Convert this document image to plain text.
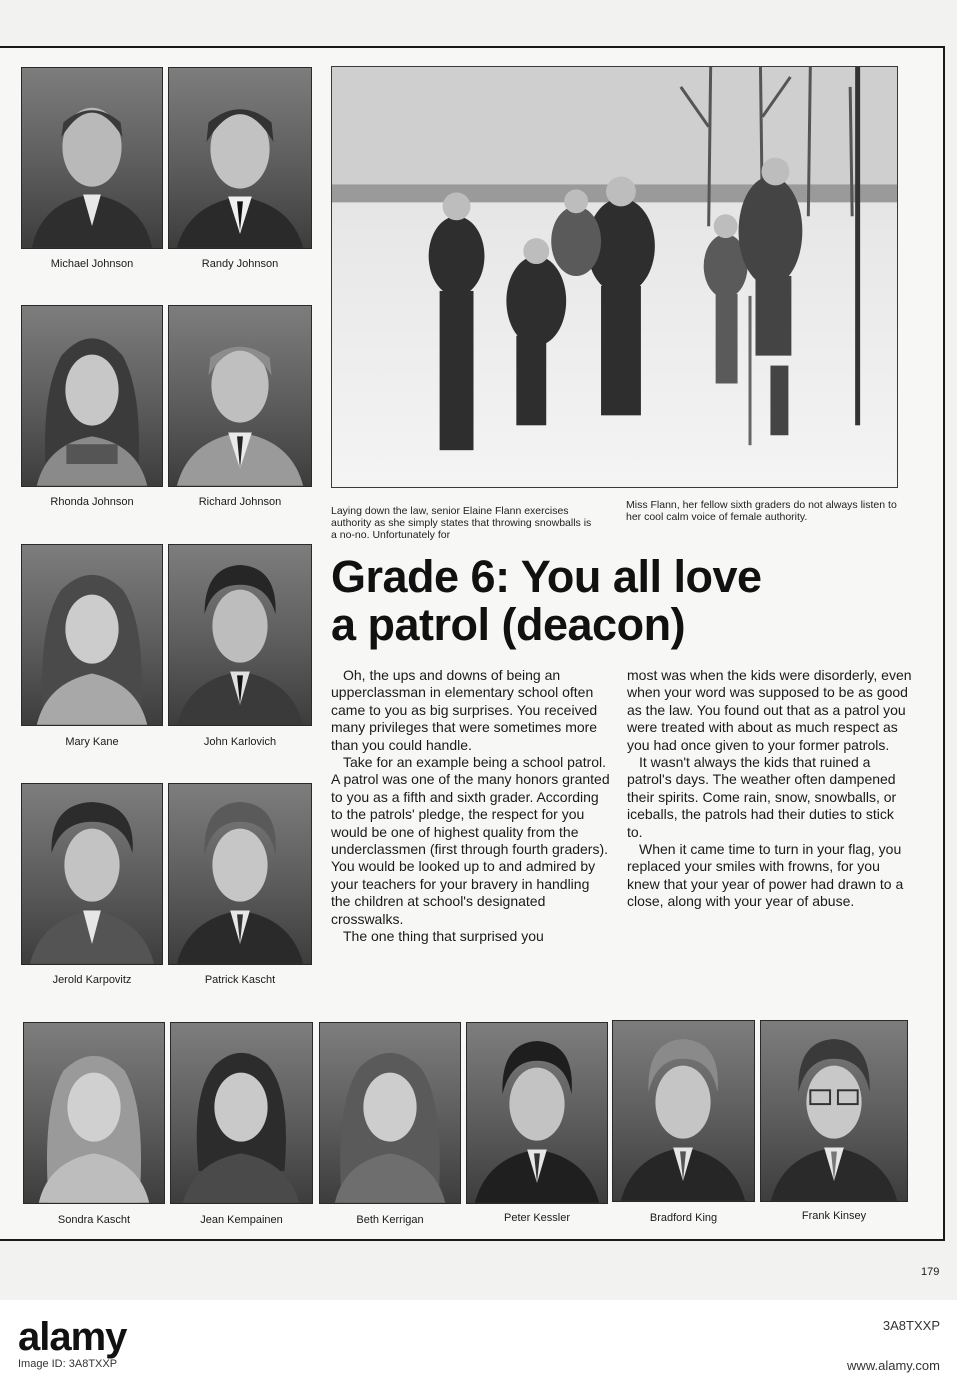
Michael Johnson	Randy Johnson
Rhonda Johnson	Richard Johnson
Mary Kane	John Karlovich
Jerold Karpovitz	Patrick Kascht
Laying down the law, senior Elaine Flann exercises authority as she simply states that throwing snowballs is a no-no. Unfortunately for
Miss Flann, her fellow sixth graders do not always listen to her cool calm voice of female authority.
Grade 6: You all love
a patrol (deacon)

Oh, the ups and downs of being an upperclassman in elementary school often came to you as big surprises. You received many privileges that were sometimes more than you could handle.

Take for an example being a school patrol. A patrol was one of the many honors granted to you as a fifth and sixth grader. According to the patrols' pledge, the respect for you would be one of highest quality from the underclassmen (first through fourth graders). You would be looked up to and admired by your teachers for your bravery in handling the children at school's designated crosswalks.

The one thing that surprised you

most was when the kids were disorderly, even when your word was supposed to be as good as the law. You found out that as a patrol you were treated with about as much respect as you had once given to your former patrols.

It wasn't always the kids that ruined a patrol's days. The weather often dampened their spirits. Come rain, snow, snowballs, or iceballs, the patrols had their duties to stick to.

When it came time to turn in your flag, you replaced your smiles with frowns, for you knew that your year of power had drawn to a close, along with your year of abuse.

Sondra Kascht	Jean Kempainen	Beth Kerrigan	Peter Kessler	Bradford King	Frank Kinsey
179
alamy
Image ID: 3A8TXXP
3A8TXXP
www.alamy.com
